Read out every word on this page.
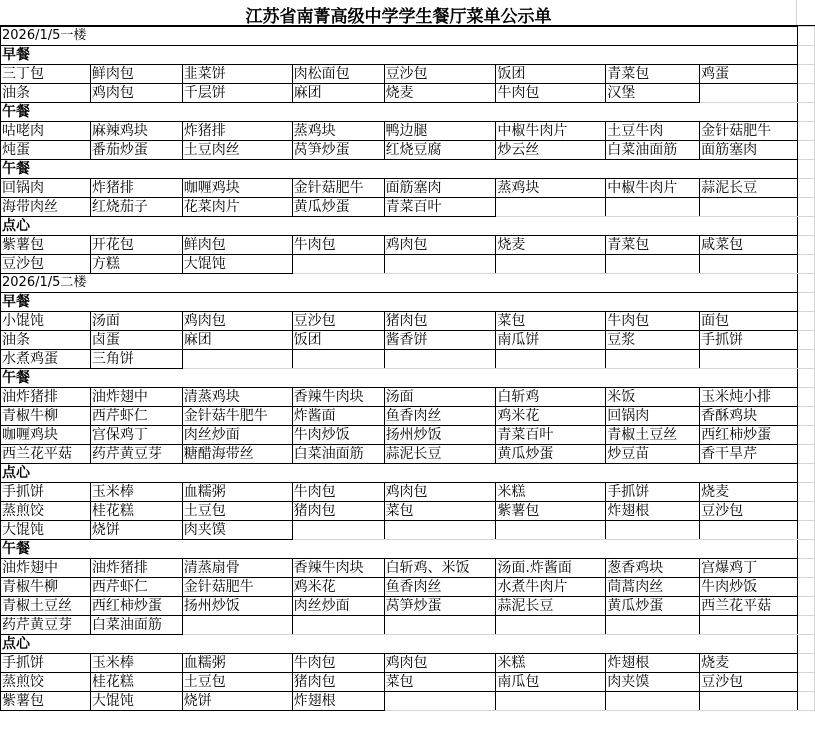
江苏省南菁高级中学学生餐厅菜单公示单
2026/1/5一楼								
早餐								
三丁包	鲜肉包	韭菜饼	肉松面包	豆沙包	饭团	青菜包	鸡蛋	
油条	鸡肉包	千层饼	麻团	烧麦	牛肉包	汉堡		
午餐								
咕咾肉	麻辣鸡块	炸猪排	蒸鸡块	鸭边腿	中椒牛肉片	土豆牛肉	金针菇肥牛	
炖蛋	番茄炒蛋	土豆肉丝	莴笋炒蛋	红烧豆腐	炒云丝	白菜油面筋	面筋塞肉	
午餐								
回锅肉	炸猪排	咖喱鸡块	金针菇肥牛	面筋塞肉	蒸鸡块	中椒牛肉片	蒜泥长豆	
海带肉丝	红烧茄子	花菜肉片	黄瓜炒蛋	青菜百叶				
点心								
紫薯包	开花包	鲜肉包	牛肉包	鸡肉包	烧麦	青菜包	咸菜包	
豆沙包	方糕	大馄饨						
2026/1/5二楼								
早餐								
小馄饨	汤面	鸡肉包	豆沙包	猪肉包	菜包	牛肉包	面包	
油条	卤蛋	麻团	饭团	酱香饼	南瓜饼	豆浆	手抓饼	
水煮鸡蛋	三角饼							
午餐								
油炸猪排	油炸翅中	清蒸鸡块	香辣牛肉块	汤面	白斩鸡	米饭	玉米炖小排	
青椒牛柳	西芹虾仁	金针菇牛肥牛	炸酱面	鱼香肉丝	鸡米花	回锅肉	香酥鸡块	
咖喱鸡块	宫保鸡丁	肉丝炒面	牛肉炒饭	扬州炒饭	青菜百叶	青椒土豆丝	西红柿炒蛋	
西兰花平菇	药芹黄豆芽	糖醋海带丝	白菜油面筋	蒜泥长豆	黄瓜炒蛋	炒豆苗	香干旱芹	
点心								
手抓饼	玉米棒	血糯粥	牛肉包	鸡肉包	米糕	手抓饼	烧麦	
蒸煎饺	桂花糕	土豆包	猪肉包	菜包	紫薯包	炸翅根	豆沙包	
大馄饨	烧饼	肉夹馍						
午餐								
油炸翅中	油炸猪排	清蒸扇骨	香辣牛肉块	白斩鸡、米饭	汤面.炸酱面	葱香鸡块	宫爆鸡丁	
青椒牛柳	西芹虾仁	金针菇肥牛	鸡米花	鱼香肉丝	水煮牛肉片	茼蒿肉丝	牛肉炒饭	
青椒土豆丝	西红柿炒蛋	扬州炒饭	肉丝炒面	莴笋炒蛋	蒜泥长豆	黄瓜炒蛋	西兰花平菇	
药芹黄豆芽	白菜油面筋							
点心								
手抓饼	玉米棒	血糯粥	牛肉包	鸡肉包	米糕	炸翅根	烧麦	
蒸煎饺	桂花糕	土豆包	猪肉包	菜包	南瓜包	肉夹馍	豆沙包	
紫薯包	大馄饨	烧饼	炸翅根					
